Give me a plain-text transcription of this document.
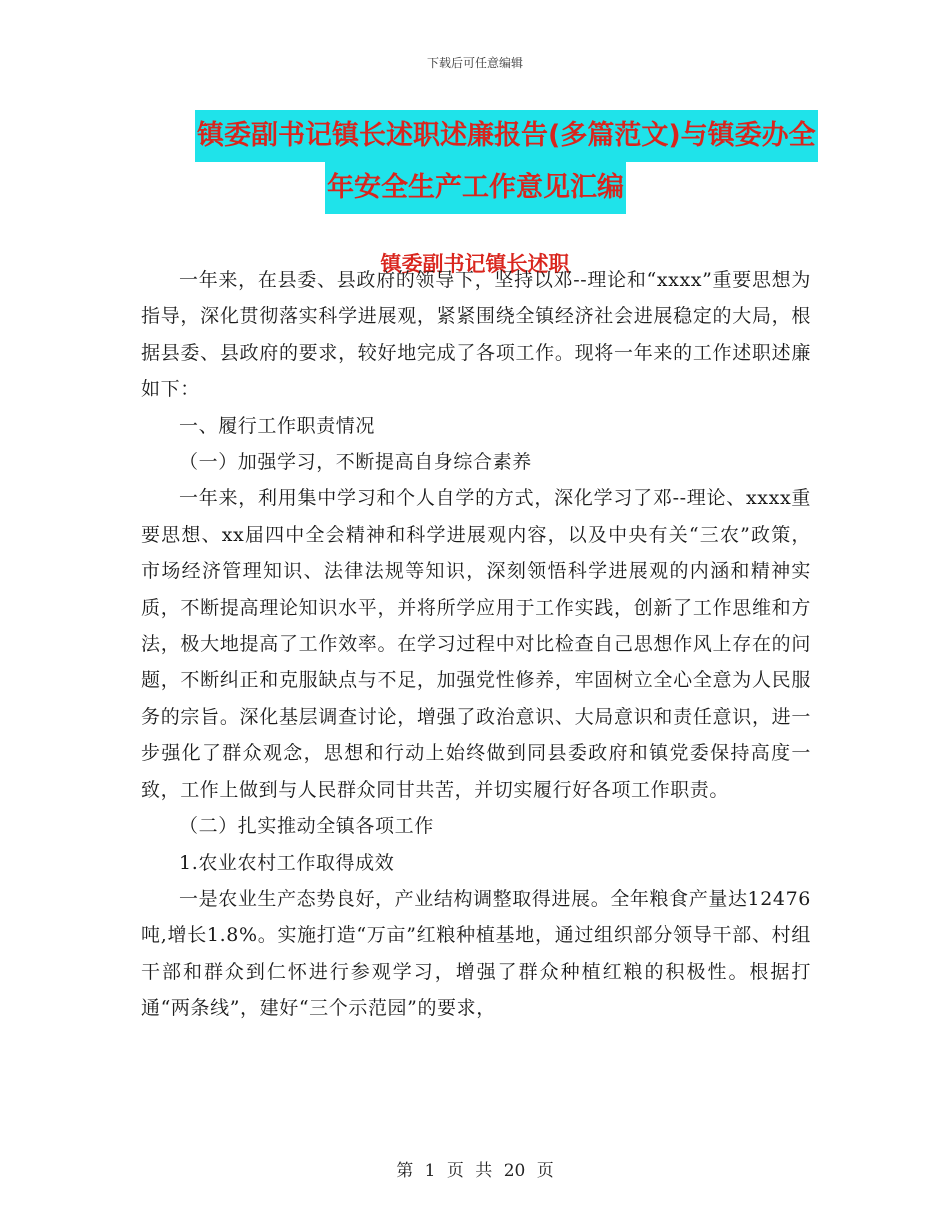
下载后可任意编辑
镇委副书记镇长述职述廉报告(多篇范文)与镇委办全
年安全生产工作意见汇编
镇委副书记镇长述职

一年来，在县委、县政府的领导下，坚持以邓--理论和“xxxx”重要思想为指导，深化贯彻落实科学进展观，紧紧围绕全镇经济社会进展稳定的大局，根据县委、县政府的要求，较好地完成了各项工作。现将一年来的工作述职述廉如下：

一、履行工作职责情况

（一）加强学习，不断提高自身综合素养

一年来，利用集中学习和个人自学的方式，深化学习了邓--理论、xxxx重要思想、xx届四中全会精神和科学进展观内容，以及中央有关“三农”政策，市场经济管理知识、法律法规等知识，深刻领悟科学进展观的内涵和精神实质，不断提高理论知识水平，并将所学应用于工作实践，创新了工作思维和方法，极大地提高了工作效率。在学习过程中对比检查自己思想作风上存在的问题，不断纠正和克服缺点与不足，加强党性修养，牢固树立全心全意为人民服务的宗旨。深化基层调查讨论，增强了政治意识、大局意识和责任意识，进一步强化了群众观念，思想和行动上始终做到同县委政府和镇党委保持高度一致，工作上做到与人民群众同甘共苦，并切实履行好各项工作职责。

（二）扎实推动全镇各项工作

1.农业农村工作取得成效

一是农业生产态势良好，产业结构调整取得进展。全年粮食产量达12476吨,增长1.8%。实施打造“万亩”红粮种植基地，通过组织部分领导干部、村组干部和群众到仁怀进行参观学习，增强了群众种植红粮的积极性。根据打通“两条线”，建好“三个示范园”的要求，

第 1 页 共 20 页
